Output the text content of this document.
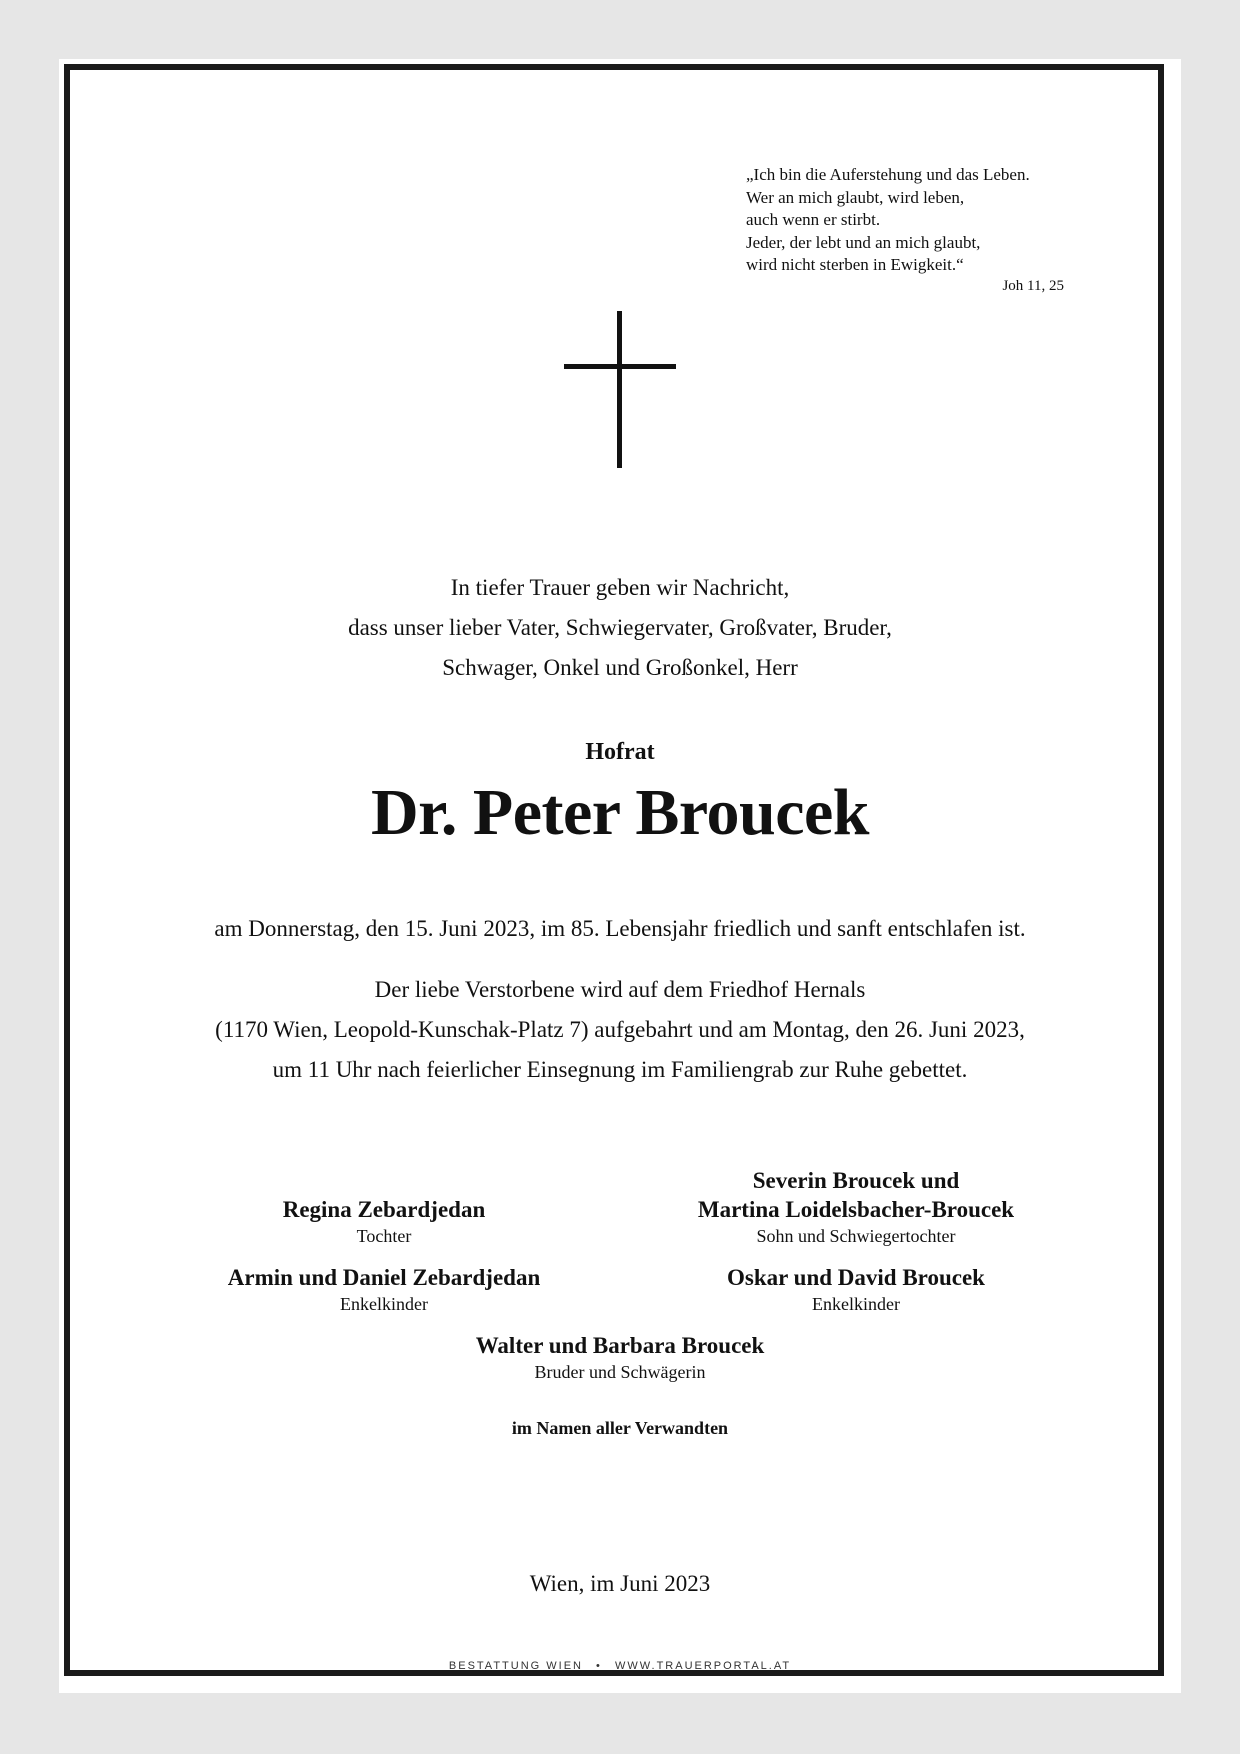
„Ich bin die Auferstehung und das Leben.
Wer an mich glaubt, wird leben,
auch wenn er stirbt.
Jeder, der lebt und an mich glaubt,
wird nicht sterben in Ewigkeit.“
Joh 11, 25
In tiefer Trauer geben wir Nachricht,
dass unser lieber Vater, Schwiegervater, Großvater, Bruder,
Schwager, Onkel und Großonkel, Herr
Hofrat
Dr. Peter Broucek
am Donnerstag, den 15. Juni 2023, im 85. Lebensjahr friedlich und sanft entschlafen ist.
Der liebe Verstorbene wird auf dem Friedhof Hernals
(1170 Wien, Leopold-Kunschak-Platz 7) aufgebahrt und am Montag, den 26. Juni 2023,
um 11 Uhr nach feierlicher Einsegnung im Familiengrab zur Ruhe gebettet.
Regina Zebardjedan
Tochter
Severin Broucek und
Martina Loidelsbacher-Broucek
Sohn und Schwiegertochter
Armin und Daniel Zebardjedan
Enkelkinder
Oskar und David Broucek
Enkelkinder
Walter und Barbara Broucek
Bruder und Schwägerin
im Namen aller Verwandten
Wien, im Juni 2023
BESTATTUNG WIEN • WWW.TRAUERPORTAL.AT
